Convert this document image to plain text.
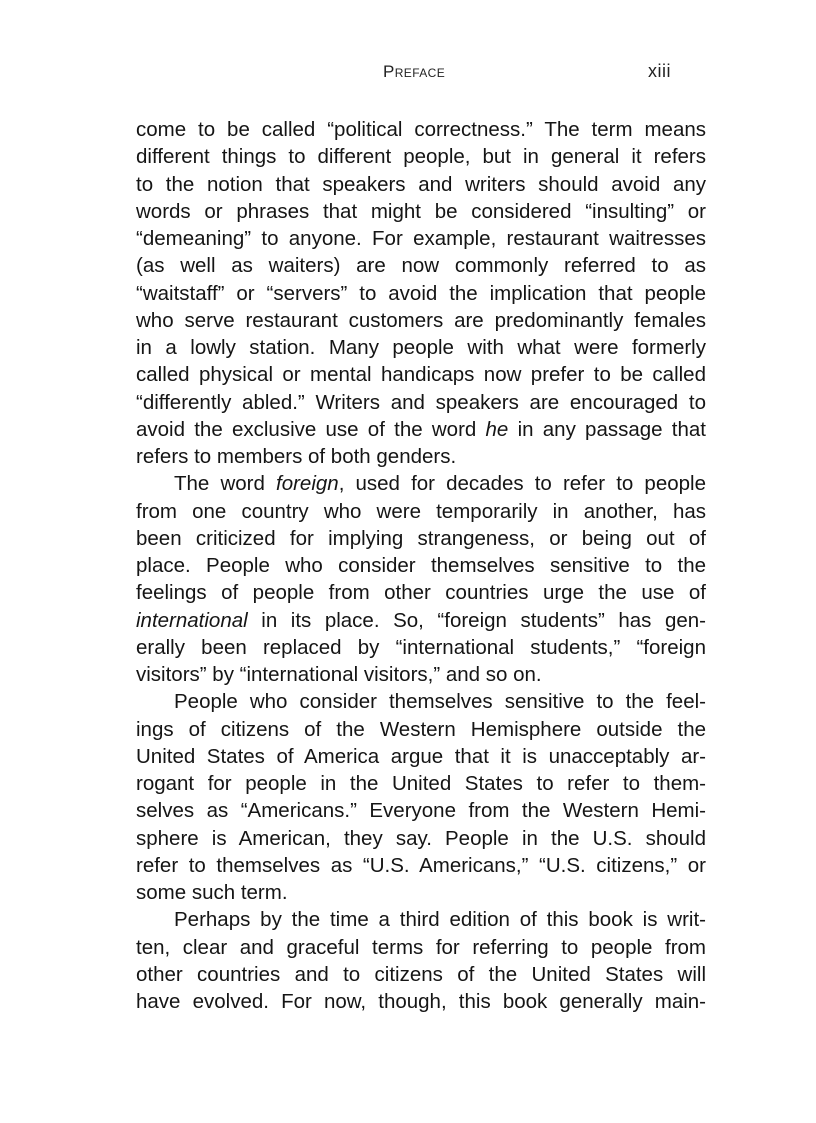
Preface	xiii
come to be called “political correctness.” The term means
different things to different people, but in general it refers
to the notion that speakers and writers should avoid any
words or phrases that might be considered “insulting” or
“demeaning” to anyone. For example, restaurant waitresses
(as well as waiters) are now commonly referred to as
“waitstaff” or “servers” to avoid the implication that people
who serve restaurant customers are predominantly females
in a lowly station. Many people with what were formerly
called physical or mental handicaps now prefer to be called
“differently abled.” Writers and speakers are encouraged to
avoid the exclusive use of the word he in any passage that
refers to members of both genders.
The word foreign, used for decades to refer to people
from one country who were temporarily in another, has
been criticized for implying strangeness, or being out of
place. People who consider themselves sensitive to the
feelings of people from other countries urge the use of
international in its place. So, “foreign students” has gen-
erally been replaced by “international students,” “foreign
visitors” by “international visitors,” and so on.
People who consider themselves sensitive to the feel-
ings of citizens of the Western Hemisphere outside the
United States of America argue that it is unacceptably ar-
rogant for people in the United States to refer to them-
selves as “Americans.” Everyone from the Western Hemi-
sphere is American, they say. People in the U.S. should
refer to themselves as “U.S. Americans,” “U.S. citizens,” or
some such term.
Perhaps by the time a third edition of this book is writ-
ten, clear and graceful terms for referring to people from
other countries and to citizens of the United States will
have evolved. For now, though, this book generally main-
